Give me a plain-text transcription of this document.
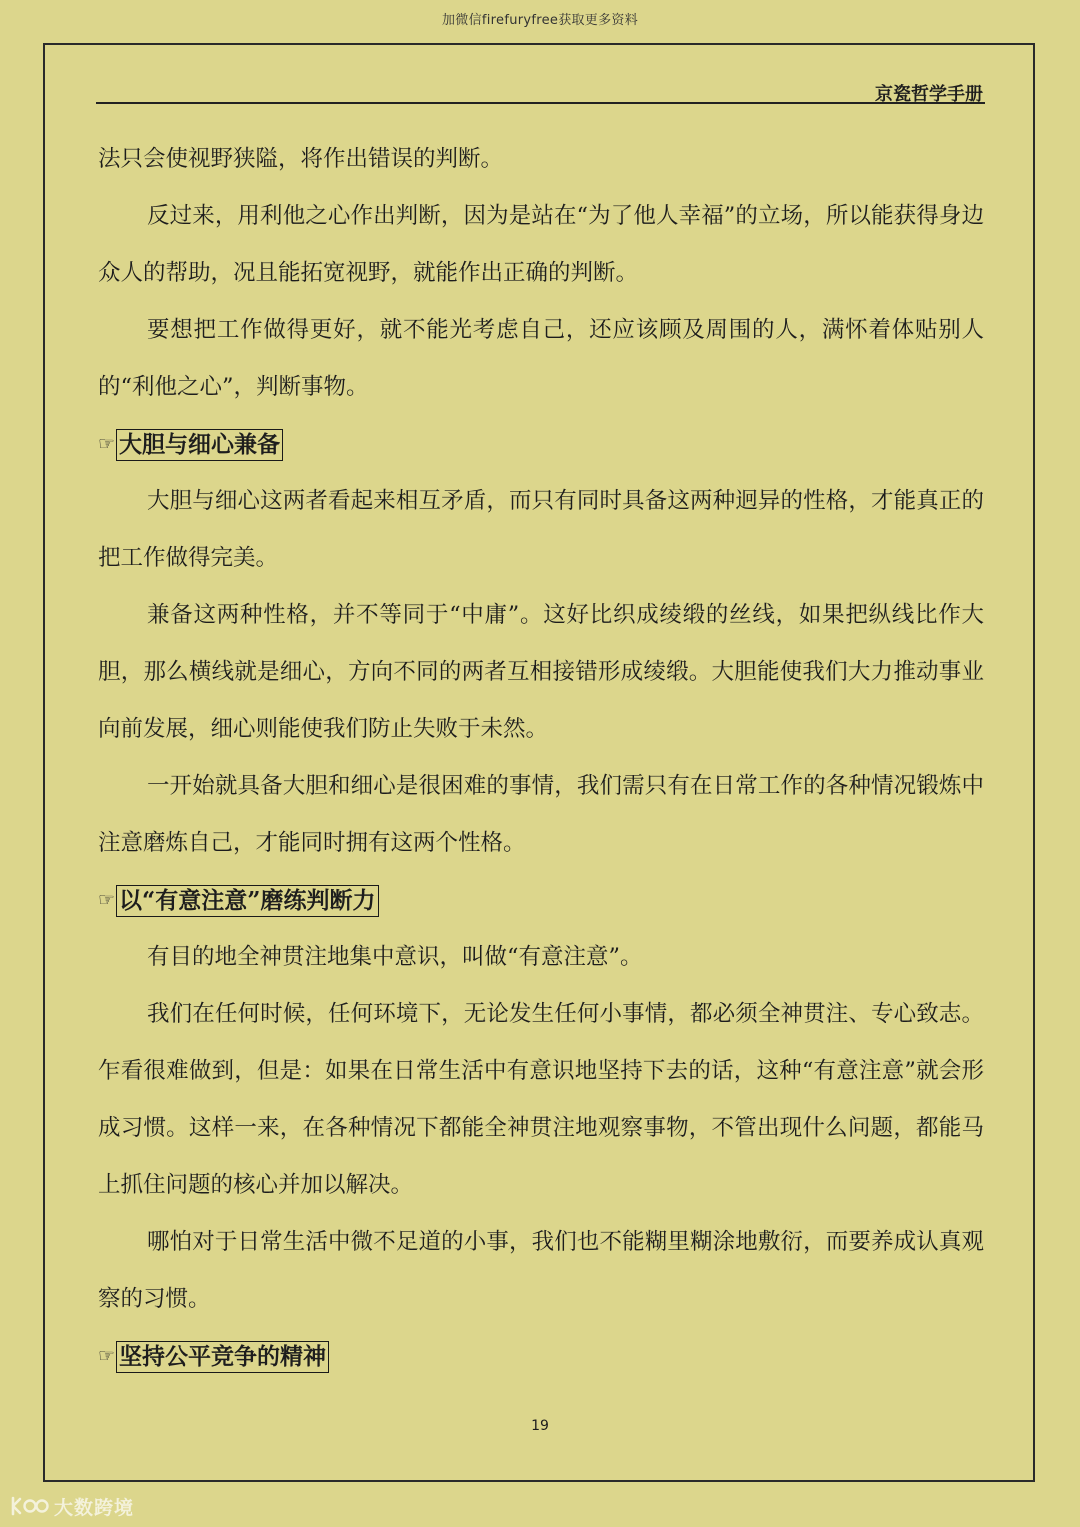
加微信firefuryfree获取更多资料
京瓷哲学手册

法只会使视野狭隘，将作出错误的判断。

反过来，用利他之心作出判断，因为是站在“为了他人幸福”的立场，所以能获得身边众人的帮助，况且能拓宽视野，就能作出正确的判断。

要想把工作做得更好，就不能光考虑自己，还应该顾及周围的人，满怀着体贴别人的“利他之心”，判断事物。

☞ 大胆与细心兼备

大胆与细心这两者看起来相互矛盾，而只有同时具备这两种迥异的性格，才能真正的把工作做得完美。

兼备这两种性格，并不等同于“中庸”。这好比织成绫缎的丝线，如果把纵线比作大胆，那么横线就是细心，方向不同的两者互相接错形成绫缎。大胆能使我们大力推动事业向前发展，细心则能使我们防止失败于未然。

一开始就具备大胆和细心是很困难的事情，我们需只有在日常工作的各种情况锻炼中注意磨炼自己，才能同时拥有这两个性格。

☞ 以“有意注意”磨练判断力

有目的地全神贯注地集中意识，叫做“有意注意”。

我们在任何时候，任何环境下，无论发生任何小事情，都必须全神贯注、专心致志。乍看很难做到，但是：如果在日常生活中有意识地坚持下去的话，这种“有意注意”就会形成习惯。这样一来，在各种情况下都能全神贯注地观察事物，不管出现什么问题，都能马上抓住问题的核心并加以解决。

哪怕对于日常生活中微不足道的小事，我们也不能糊里糊涂地敷衍，而要养成认真观察的习惯。

☞ 坚持公平竞争的精神
19
大数跨境
